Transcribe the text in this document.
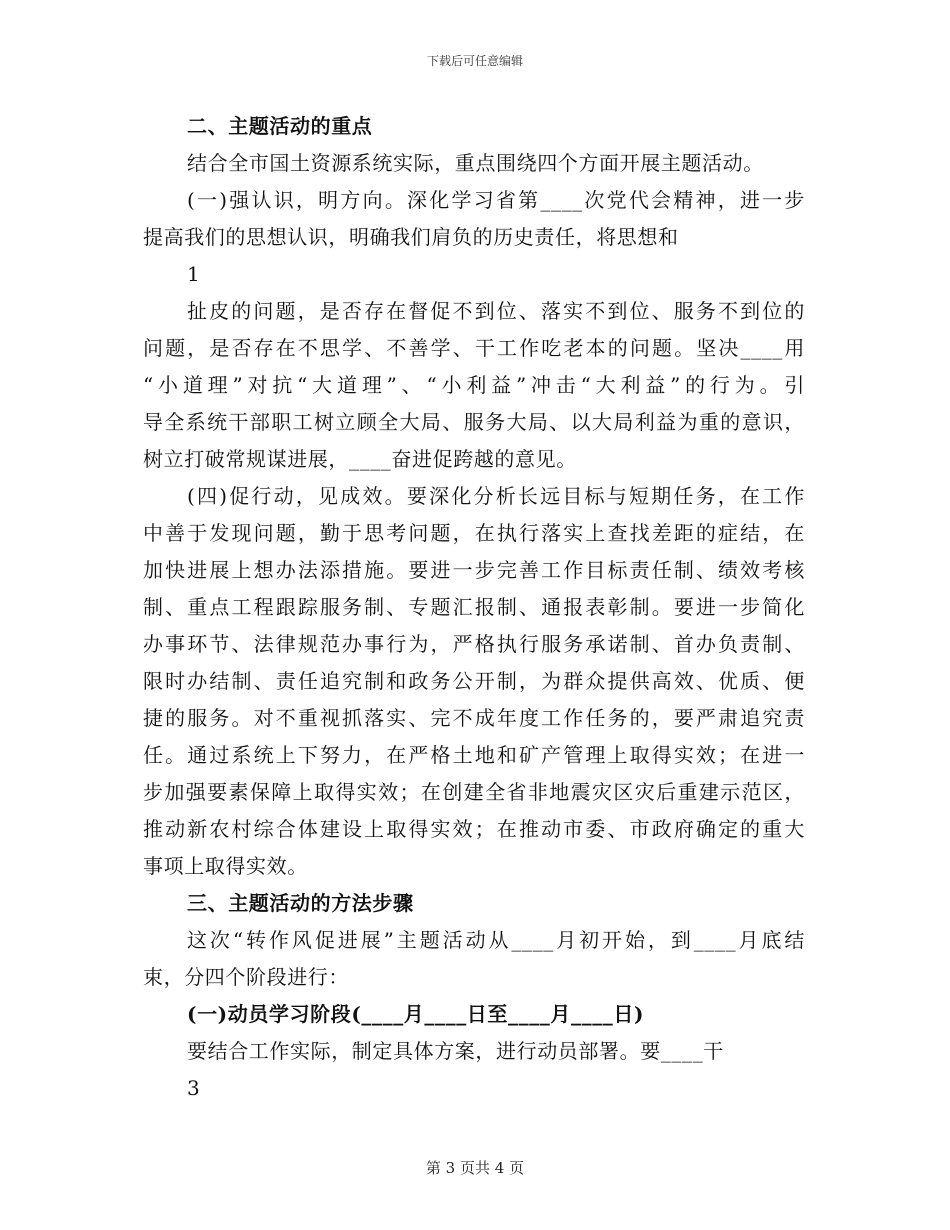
下载后可任意编辑
二、主题活动的重点
结合全市国土资源系统实际，重点围绕四个方面开展主题活动。
(一)强认识，明方向。深化学习省第____次党代会精神，进一步
提高我们的思想认识，明确我们肩负的历史责任，将思想和
1
扯皮的问题，是否存在督促不到位、落实不到位、服务不到位的
问题，是否存在不思学、不善学、干工作吃老本的问题。坚决____用
“小道理”对抗“大道理”、“小利益”冲击“大利益”的行为。引
导全系统干部职工树立顾全大局、服务大局、以大局利益为重的意识，
树立打破常规谋进展，____奋进促跨越的意见。
(四)促行动，见成效。要深化分析长远目标与短期任务，在工作
中善于发现问题，勤于思考问题，在执行落实上查找差距的症结，在
加快进展上想办法添措施。要进一步完善工作目标责任制、绩效考核
制、重点工程跟踪服务制、专题汇报制、通报表彰制。要进一步简化
办事环节、法律规范办事行为，严格执行服务承诺制、首办负责制、
限时办结制、责任追究制和政务公开制，为群众提供高效、优质、便
捷的服务。对不重视抓落实、完不成年度工作任务的，要严肃追究责
任。通过系统上下努力，在严格土地和矿产管理上取得实效；在进一
步加强要素保障上取得实效；在创建全省非地震灾区灾后重建示范区，
推动新农村综合体建设上取得实效；在推动市委、市政府确定的重大
事项上取得实效。
三、主题活动的方法步骤
这次“转作风促进展”主题活动从____月初开始，到____月底结
束，分四个阶段进行：
(一)动员学习阶段(____月____日至____月____日)
要结合工作实际，制定具体方案，进行动员部署。要____干
3
第 3 页共 4 页
